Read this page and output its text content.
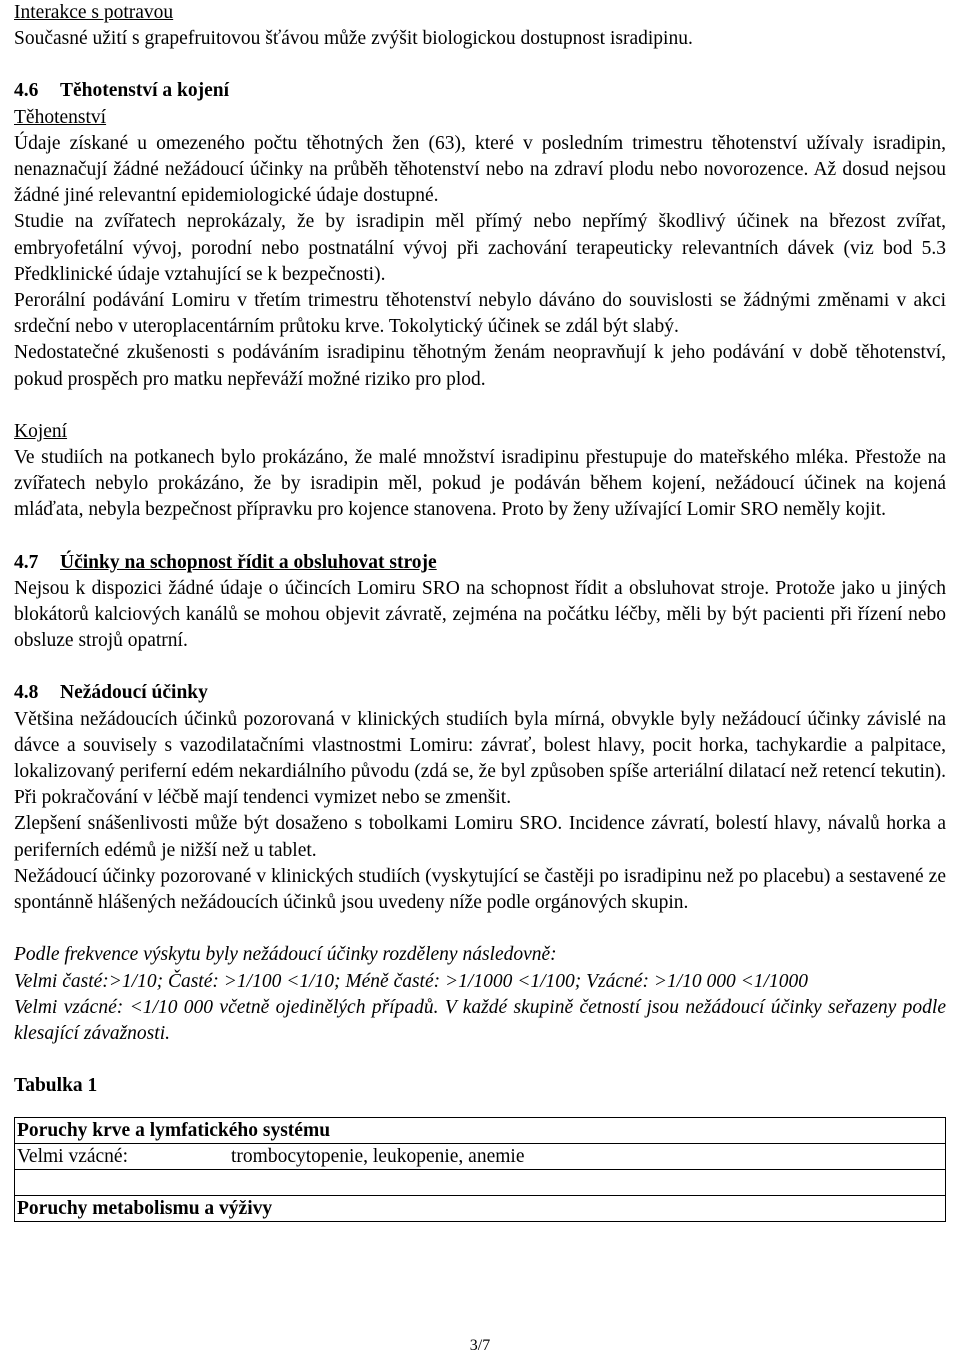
Interakce s potravou

Současné užití s grapefruitovou šťávou může zvýšit biologickou dostupnost isradipinu.

4.6 Těhotenství a kojení

Těhotenství

Údaje získané u omezeného počtu těhotných žen (63), které v posledním trimestru těhotenství užívaly isradipin, nenaznačují žádné nežádoucí účinky na průběh těhotenství nebo na zdraví plodu nebo novorozence. Až dosud nejsou žádné jiné relevantní epidemiologické údaje dostupné.

Studie na zvířatech neprokázaly, že by isradipin měl přímý nebo nepřímý škodlivý účinek na březost zvířat, embryofetální vývoj, porodní nebo postnatální vývoj při zachování terapeuticky relevantních dávek (viz bod 5.3 Předklinické údaje vztahující se k bezpečnosti).

Perorální podávání Lomiru v třetím trimestru těhotenství nebylo dáváno do souvislosti se žádnými změnami v akci srdeční nebo v uteroplacentárním průtoku krve. Tokolytický účinek se zdál být slabý.

Nedostatečné zkušenosti s podáváním isradipinu těhotným ženám neopravňují k jeho podávání v době těhotenství, pokud prospěch pro matku nepřeváží možné riziko pro plod.

Kojení

Ve studiích na potkanech bylo prokázáno, že malé množství isradipinu přestupuje do mateřského mléka. Přestože na zvířatech nebylo prokázáno, že by isradipin měl, pokud je podáván během kojení, nežádoucí účinek na kojená mláďata, nebyla bezpečnost přípravku pro kojence stanovena. Proto by ženy užívající Lomir SRO neměly kojit.

4.7 Účinky na schopnost řídit a obsluhovat stroje

Nejsou k dispozici žádné údaje o účincích Lomiru SRO na schopnost řídit a obsluhovat stroje. Protože jako u jiných blokátorů kalciových kanálů se mohou objevit závratě, zejména na počátku léčby, měli by být pacienti při řízení nebo obsluze strojů opatrní.

4.8 Nežádoucí účinky

Většina nežádoucích účinků pozorovaná v klinických studiích byla mírná, obvykle byly nežádoucí účinky závislé na dávce a souvisely s vazodilatačními vlastnostmi Lomiru: závrať, bolest hlavy, pocit horka, tachykardie a palpitace, lokalizovaný periferní edém nekardiálního původu (zdá se, že byl způsoben spíše arteriální dilatací než retencí tekutin). Při pokračování v léčbě mají tendenci vymizet nebo se zmenšit.

Zlepšení snášenlivosti může být dosaženo s tobolkami Lomiru SRO. Incidence závratí, bolestí hlavy, návalů horka a periferních edémů je nižší než u tablet.

Nežádoucí účinky pozorované v klinických studiích (vyskytující se častěji po isradipinu než po placebu) a sestavené ze spontánně hlášených nežádoucích účinků jsou uvedeny níže podle orgánových skupin.

Podle frekvence výskytu byly nežádoucí účinky rozděleny následovně:

Velmi časté:>1/10; Časté: >1/100 <1/10; Méně časté: >1/1000 <1/100; Vzácné: >1/10 000 <1/1000

Velmi vzácné: <1/10 000 včetně ojedinělých případů. V každé skupině četností jsou nežádoucí účinky seřazeny podle klesající závažnosti.

Tabulka 1

Poruchy krve a lymfatického systému

Velmi vzácné:	trombocytopenie, leukopenie, anemie

Poruchy metabolismu a výživy
3/7
